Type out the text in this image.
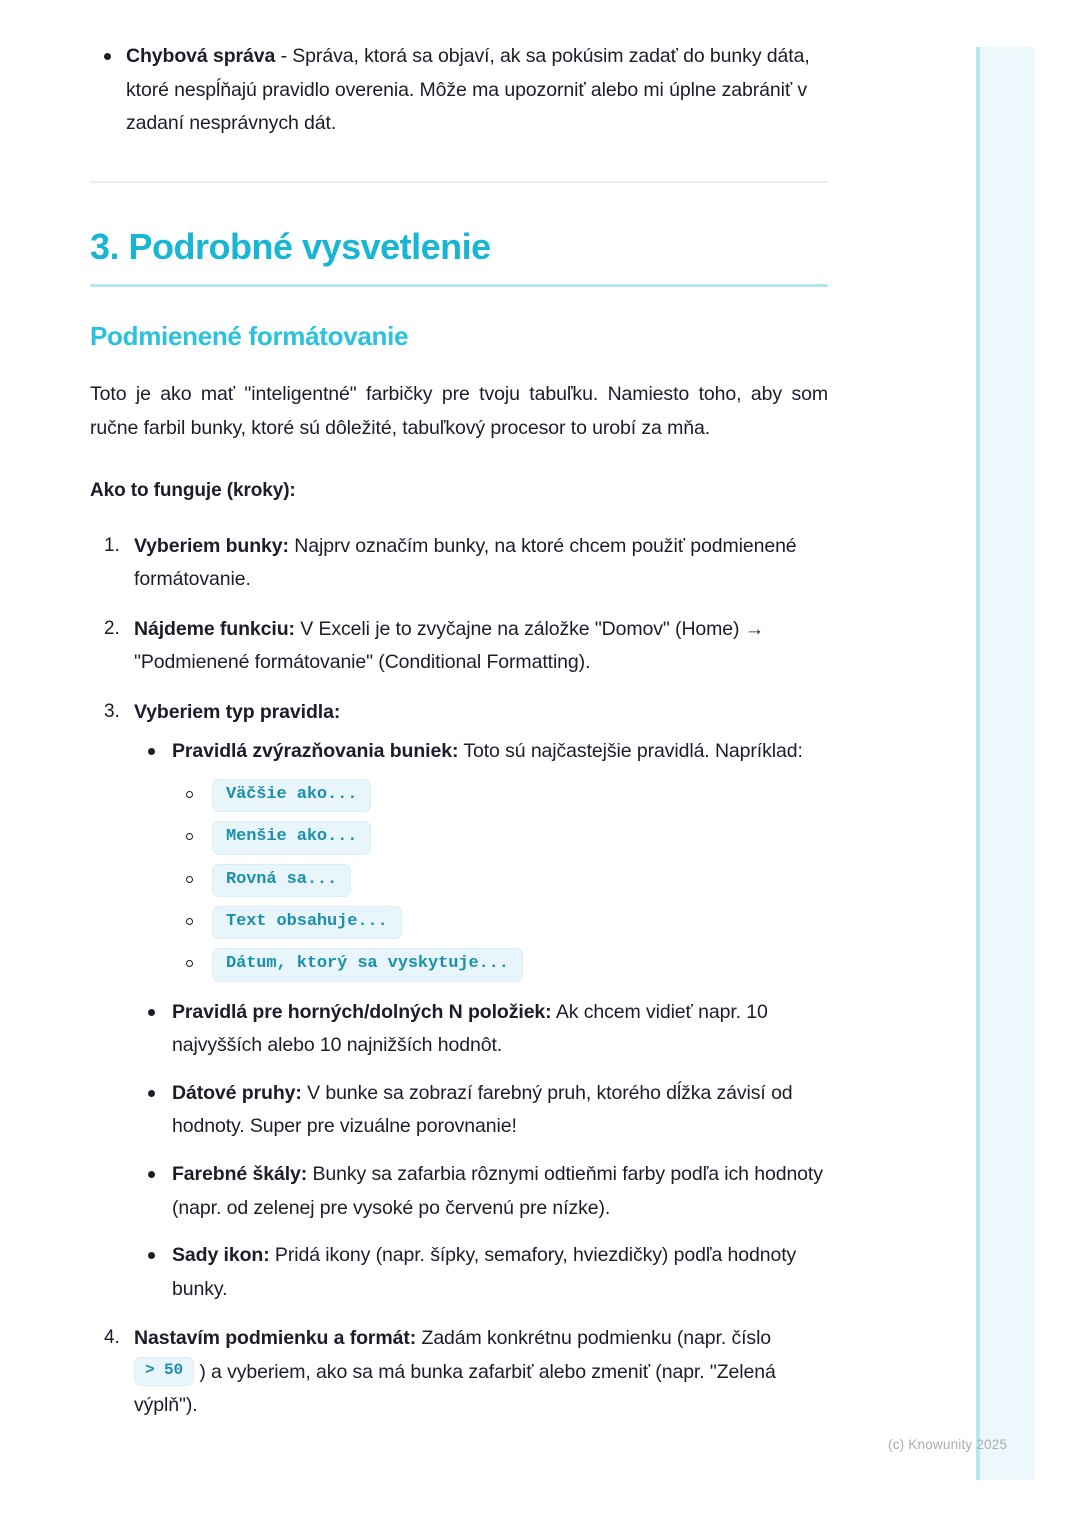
Chybová správa - Správa, ktorá sa objaví, ak sa pokúsim zadať do bunky dáta, ktoré nespĺňajú pravidlo overenia. Môže ma upozorniť alebo mi úplne zabrániť v zadaní nesprávnych dát.
3. Podrobné vysvetlenie
Podmienené formátovanie

Toto je ako mať "inteligentné" farbičky pre tvoju tabuľku. Namiesto toho, aby som ručne farbil bunky, ktoré sú dôležité, tabuľkový procesor to urobí za mňa.

Ako to funguje (kroky):

Vyberiem bunky: Najprv označím bunky, na ktoré chcem použiť podmienené formátovanie.
Nájdeme funkciu: V Exceli je to zvyčajne na záložke "Domov" (Home) → "Podmienené formátovanie" (Conditional Formatting).
Vyberiem typ pravidla:
Pravidlá zvýrazňovania buniek: Toto sú najčastejšie pravidlá. Napríklad:
Väčšie ako...
Menšie ako...
Rovná sa...
Text obsahuje...
Dátum, ktorý sa vyskytuje...
Pravidlá pre horných/dolných N položiek: Ak chcem vidieť napr. 10 najvyšších alebo 10 najnižších hodnôt.
Dátové pruhy: V bunke sa zobrazí farebný pruh, ktorého dĺžka závisí od hodnoty. Super pre vizuálne porovnanie!
Farebné škály: Bunky sa zafarbia rôznymi odtieňmi farby podľa ich hodnoty (napr. od zelenej pre vysoké po červenú pre nízke).
Sady ikon: Pridá ikony (napr. šípky, semafory, hviezdičky) podľa hodnoty bunky.
Nastavím podmienku a formát: Zadám konkrétnu podmienku (napr. číslo > 50 ) a vyberiem, ako sa má bunka zafarbiť alebo zmeniť (napr. "Zelená výplň").
(c) Knowunity 2025
